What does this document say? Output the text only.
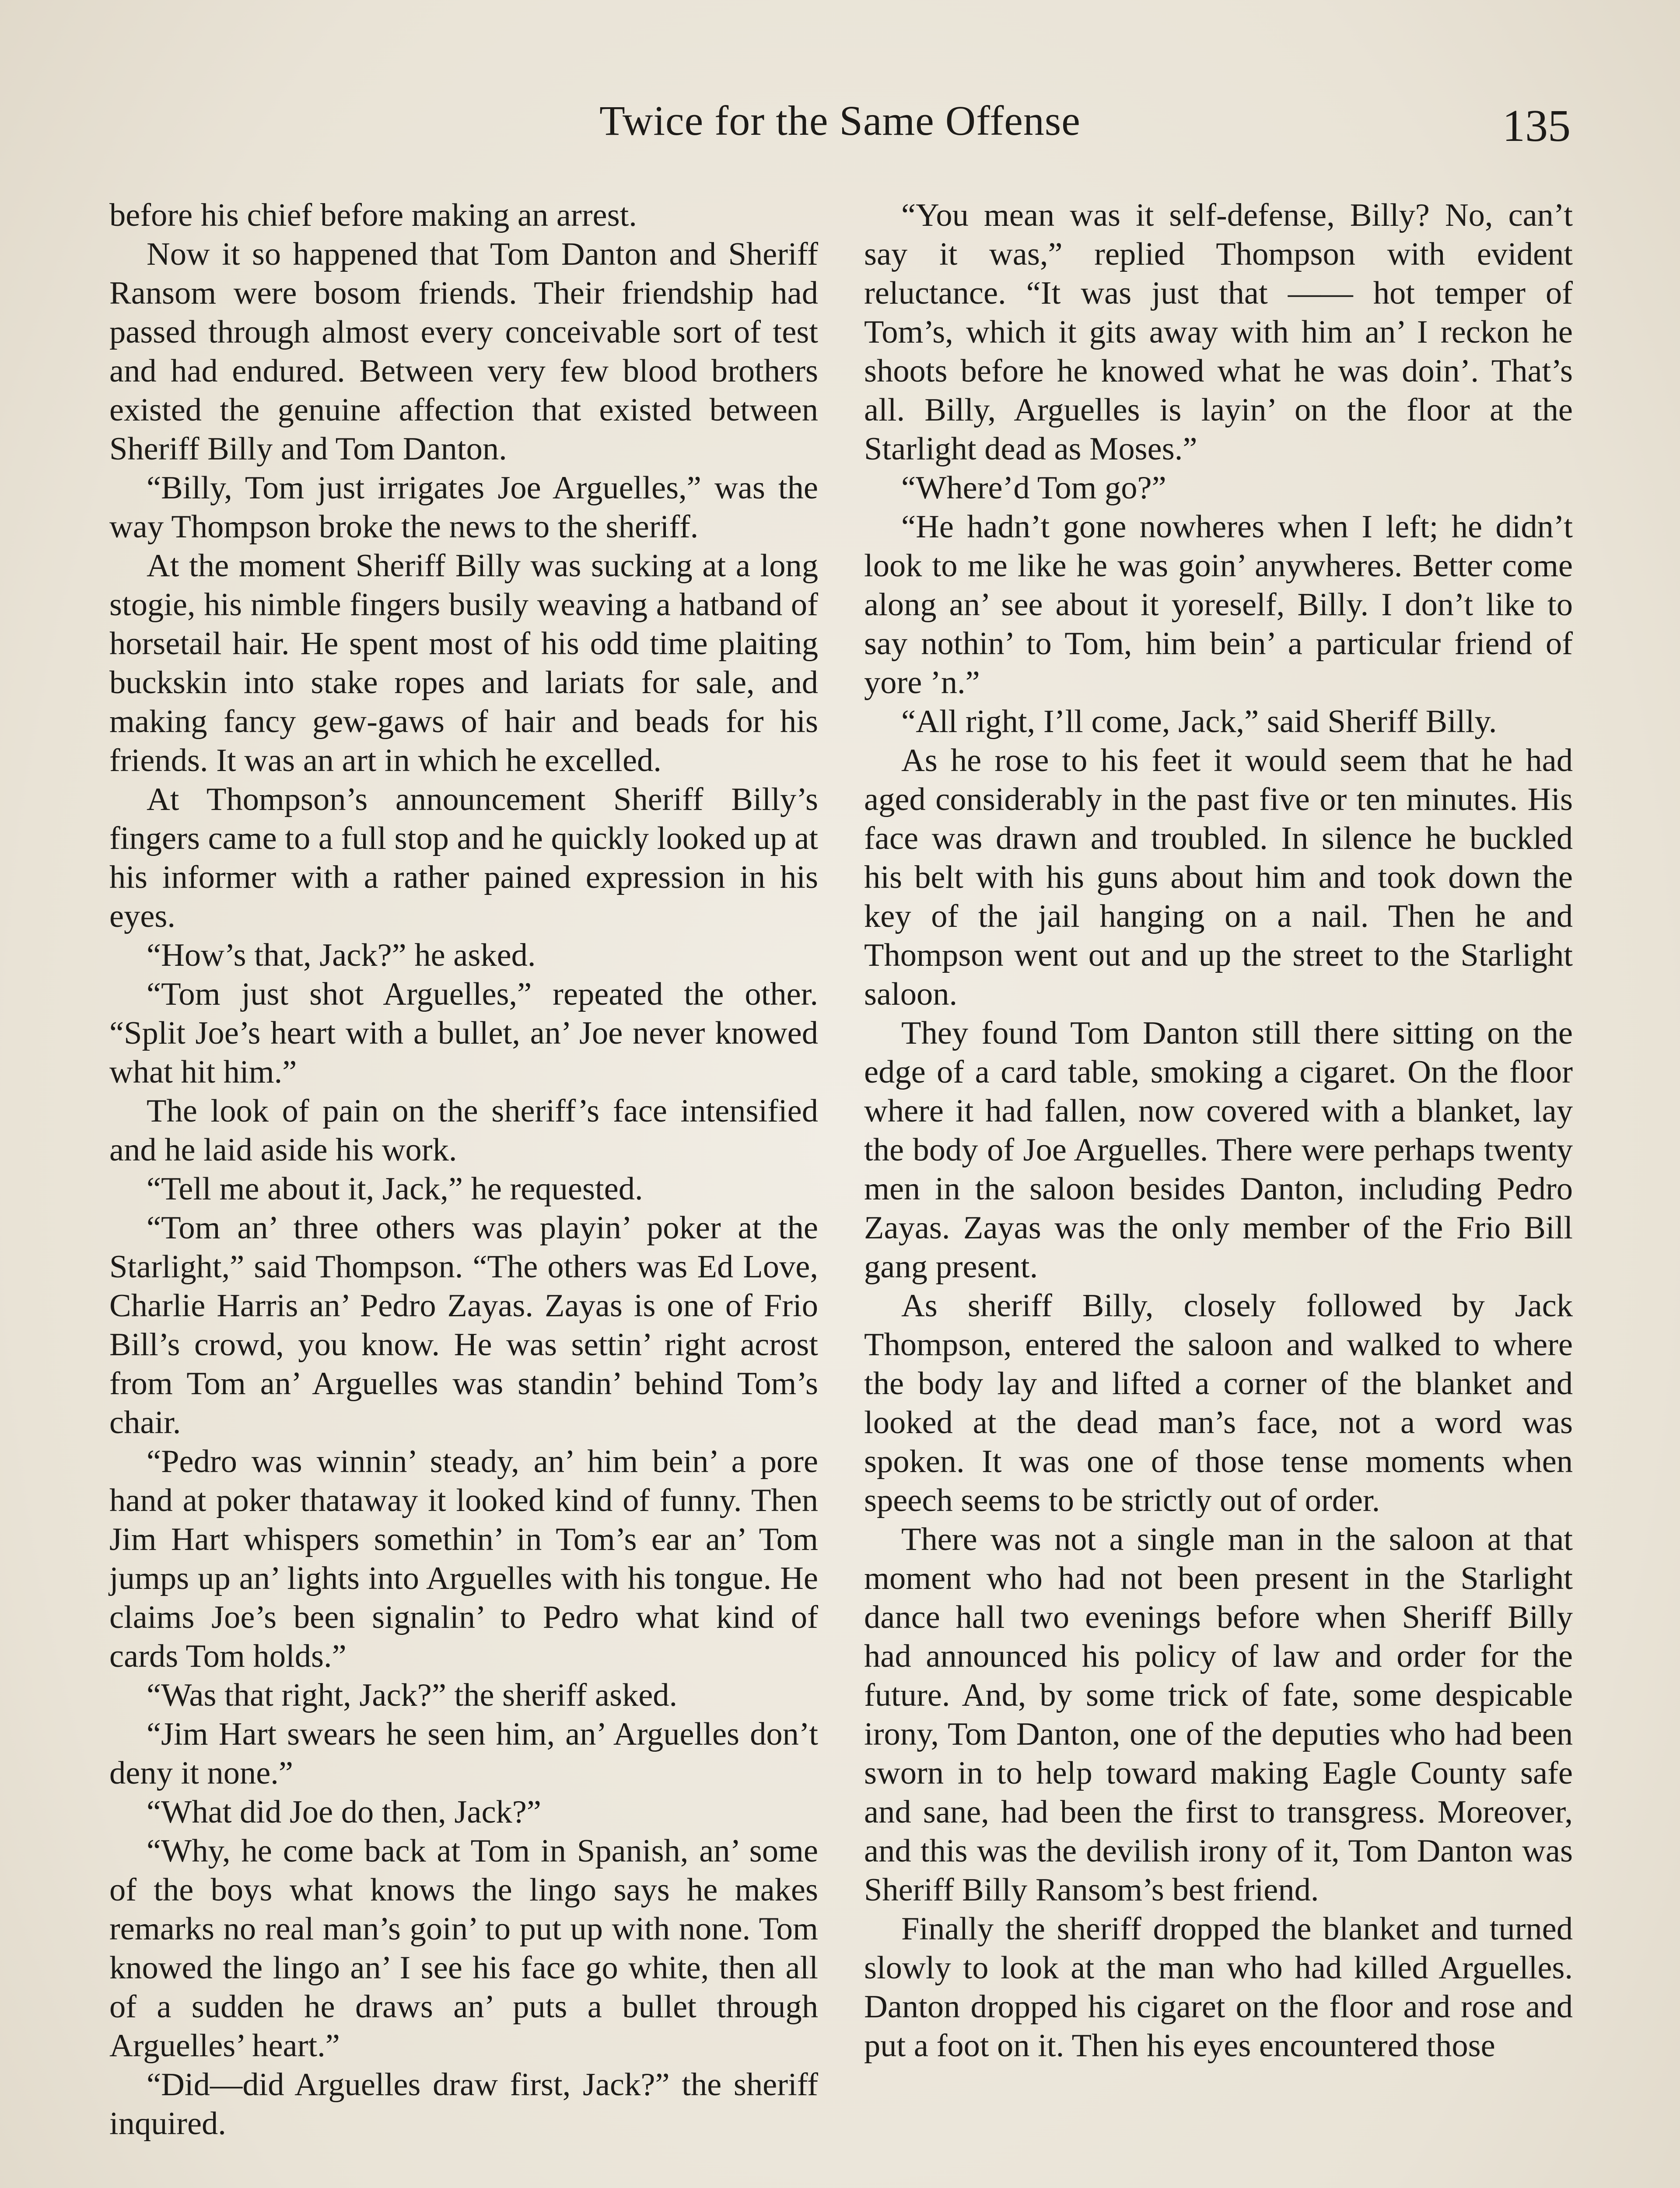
Twice for the Same Offense	135

before his chief before making an arrest.

Now it so happened that Tom Danton and Sheriff Ransom were bosom friends. Their friendship had passed through almost every conceivable sort of test and had endured. Between very few blood brothers existed the genuine affection that existed between Sheriff Billy and Tom Danton.

“Billy, Tom just irrigates Joe Arguelles,” was the way Thompson broke the news to the sheriff.

At the moment Sheriff Billy was sucking at a long stogie, his nimble fingers busily weaving a hatband of horsetail hair. He spent most of his odd time plaiting buckskin into stake ropes and lariats for sale, and making fancy gew-gaws of hair and beads for his friends. It was an art in which he excelled.

At Thompson’s announcement Sheriff Billy’s fingers came to a full stop and he quickly looked up at his informer with a rather pained expression in his eyes.

“How’s that, Jack?” he asked.

“Tom just shot Arguelles,” repeated the other. “Split Joe’s heart with a bullet, an’ Joe never knowed what hit him.”

The look of pain on the sheriff’s face intensified and he laid aside his work.

“Tell me about it, Jack,” he requested.

“Tom an’ three others was playin’ poker at the Starlight,” said Thompson. “The others was Ed Love, Charlie Harris an’ Pedro Zayas. Zayas is one of Frio Bill’s crowd, you know. He was settin’ right acrost from Tom an’ Arguelles was standin’ behind Tom’s chair.

“Pedro was winnin’ steady, an’ him bein’ a pore hand at poker thataway it looked kind of funny. Then Jim Hart whispers somethin’ in Tom’s ear an’ Tom jumps up an’ lights into Arguelles with his tongue. He claims Joe’s been signalin’ to Pedro what kind of cards Tom holds.”

“Was that right, Jack?” the sheriff asked.

“Jim Hart swears he seen him, an’ Arguelles don’t deny it none.”

“What did Joe do then, Jack?”

“Why, he come back at Tom in Spanish, an’ some of the boys what knows the lingo says he makes remarks no real man’s goin’ to put up with none. Tom knowed the lingo an’ I see his face go white, then all of a sudden he draws an’ puts a bullet through Arguelles’ heart.”

“Did—did Arguelles draw first, Jack?” the sheriff inquired.

“You mean was it self-defense, Billy? No, can’t say it was,” replied Thompson with evident reluctance. “It was just that —— hot temper of Tom’s, which it gits away with him an’ I reckon he shoots before he knowed what he was doin’. That’s all. Billy, Arguelles is layin’ on the floor at the Starlight dead as Moses.”

“Where’d Tom go?”

“He hadn’t gone nowheres when I left; he didn’t look to me like he was goin’ anywheres. Better come along an’ see about it yoreself, Billy. I don’t like to say nothin’ to Tom, him bein’ a particular friend of yore ’n.”

“All right, I’ll come, Jack,” said Sheriff Billy.

As he rose to his feet it would seem that he had aged considerably in the past five or ten minutes. His face was drawn and troubled. In silence he buckled his belt with his guns about him and took down the key of the jail hanging on a nail. Then he and Thompson went out and up the street to the Starlight saloon.

They found Tom Danton still there sitting on the edge of a card table, smoking a cigaret. On the floor where it had fallen, now covered with a blanket, lay the body of Joe Arguelles. There were perhaps twenty men in the saloon besides Danton, including Pedro Zayas. Zayas was the only member of the Frio Bill gang present.

As sheriff Billy, closely followed by Jack Thompson, entered the saloon and walked to where the body lay and lifted a corner of the blanket and looked at the dead man’s face, not a word was spoken. It was one of those tense moments when speech seems to be strictly out of order.

There was not a single man in the saloon at that moment who had not been present in the Starlight dance hall two evenings before when Sheriff Billy had announced his policy of law and order for the future. And, by some trick of fate, some despicable irony, Tom Danton, one of the deputies who had been sworn in to help toward making Eagle County safe and sane, had been the first to transgress. Moreover, and this was the devilish irony of it, Tom Danton was Sheriff Billy Ransom’s best friend.

Finally the sheriff dropped the blanket and turned slowly to look at the man who had killed Arguelles. Danton dropped his cigaret on the floor and rose and put a foot on it. Then his eyes encountered those
